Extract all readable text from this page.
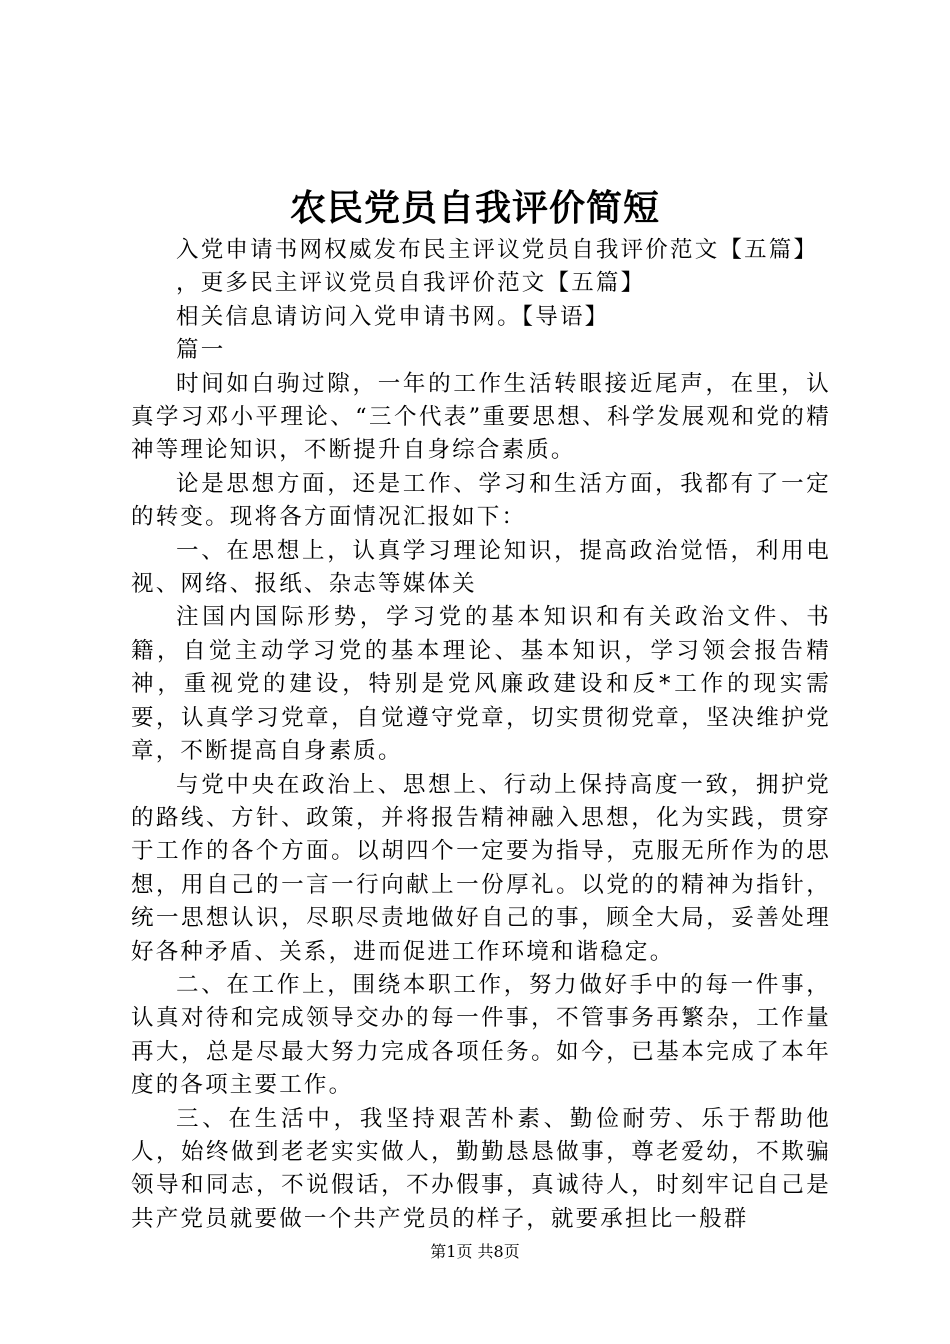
农民党员自我评价简短

入党申请书网权威发布民主评议党员自我评价范文【五篇】

，更多民主评议党员自我评价范文【五篇】

相关信息请访问入党申请书网。【导语】

篇一

时间如白驹过隙，一年的工作生活转眼接近尾声，在里，认真学习邓小平理论、“三个代表”重要思想、科学发展观和党的精神等理论知识，不断提升自身综合素质。

论是思想方面，还是工作、学习和生活方面，我都有了一定的转变。现将各方面情况汇报如下：

一、在思想上，认真学习理论知识，提高政治觉悟，利用电视、网络、报纸、杂志等媒体关

注国内国际形势，学习党的基本知识和有关政治文件、书籍，自觉主动学习党的基本理论、基本知识，学习领会报告精神，重视党的建设，特别是党风廉政建设和反*工作的现实需要，认真学习党章，自觉遵守党章，切实贯彻党章，坚决维护党章，不断提高自身素质。

与党中央在政治上、思想上、行动上保持高度一致，拥护党的路线、方针、政策，并将报告精神融入思想，化为实践，贯穿于工作的各个方面。以胡四个一定要为指导，克服无所作为的思想，用自己的一言一行向献上一份厚礼。以党的的精神为指针，统一思想认识，尽职尽责地做好自己的事，顾全大局，妥善处理好各种矛盾、关系，进而促进工作环境和谐稳定。

二、在工作上，围绕本职工作，努力做好手中的每一件事，认真对待和完成领导交办的每一件事，不管事务再繁杂，工作量再大，总是尽最大努力完成各项任务。如今，已基本完成了本年度的各项主要工作。

三、在生活中，我坚持艰苦朴素、勤俭耐劳、乐于帮助他人，始终做到老老实实做人，勤勤恳恳做事，尊老爱幼，不欺骗领导和同志，不说假话，不办假事，真诚待人，时刻牢记自己是共产党员就要做一个共产党员的样子，就要承担比一般群

第1页 共8页
